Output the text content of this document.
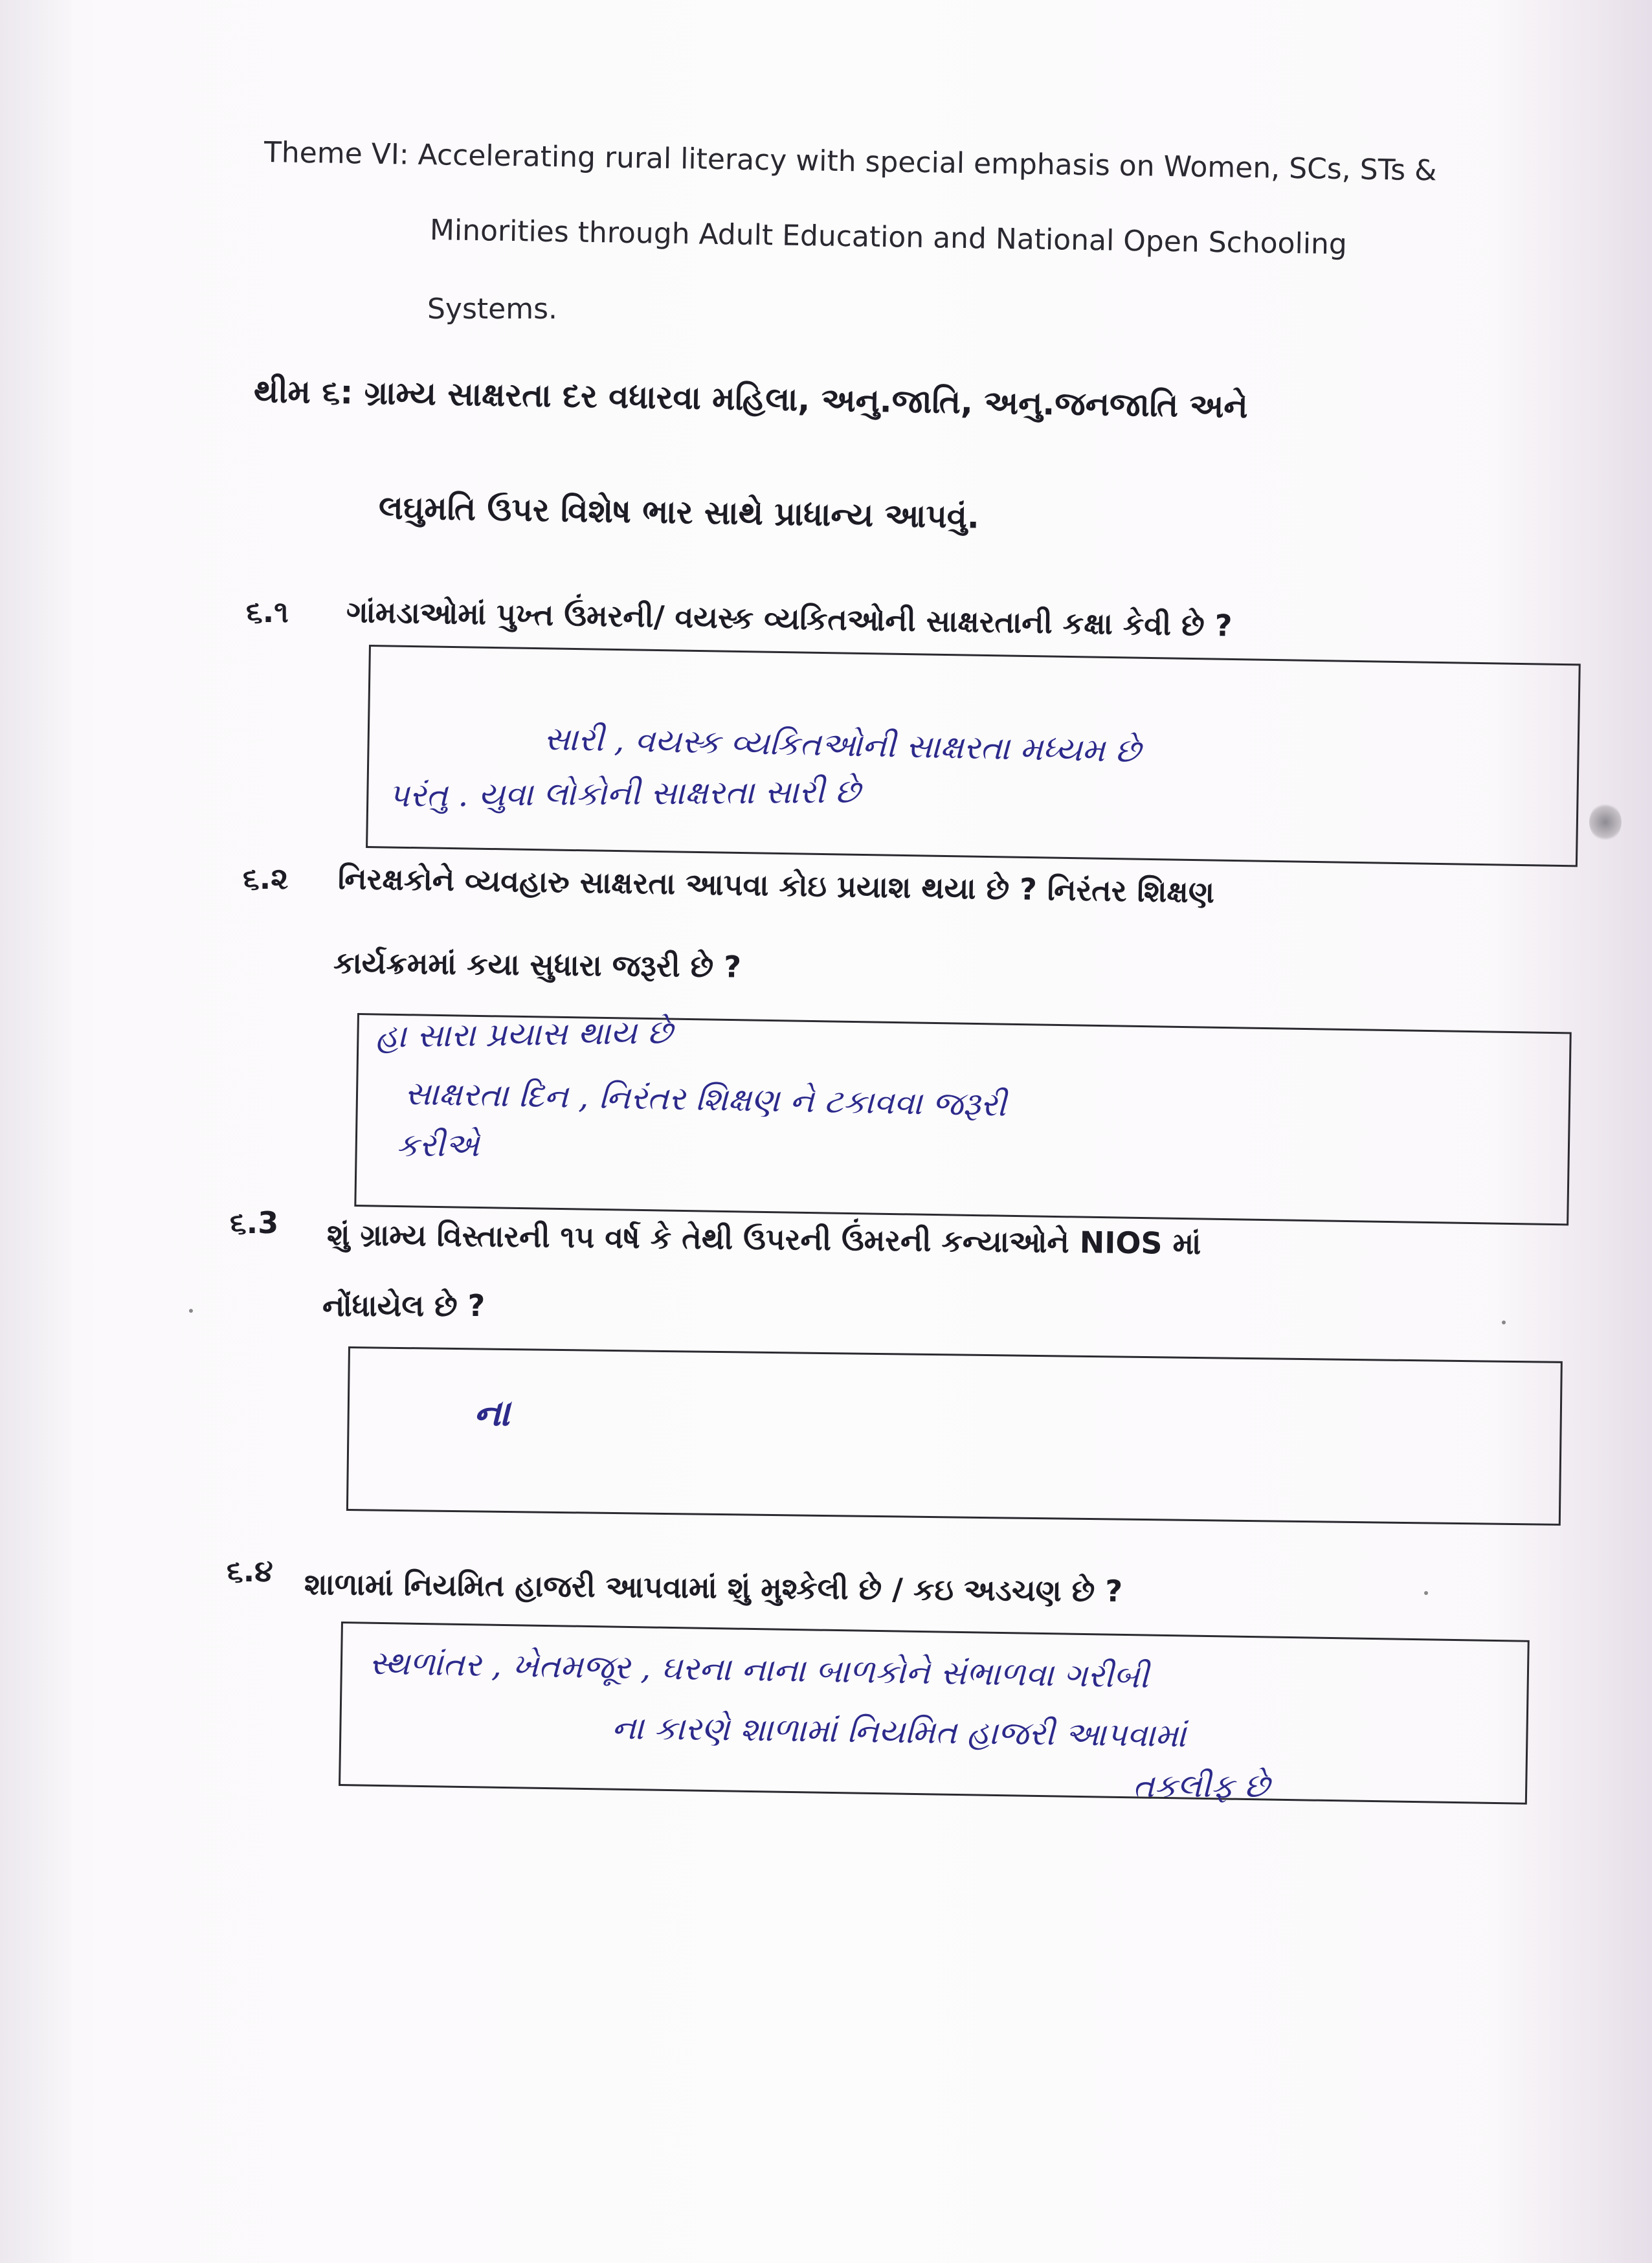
Theme VI: Accelerating rural literacy with special emphasis on Women, SCs, STs &
Minorities through Adult Education and National Open Schooling
Systems.
થીમ ૬: ગ્રામ્ય સાક્ષરતા દર વધારવા મહિલા, અનુ.જાતિ, અનુ.જનજાતિ અને
લઘુમતિ ઉપર વિશેષ ભાર સાથે પ્રાધાન્ય આપવું.
૬.૧ ગાંમડાઓમાં પુખ્ત ઉંમરની/ વયસ્ક વ્યકિતઓની સાક્ષરતાની કક્ષા કેવી છે ?
સારી , વયસ્ક વ્યકિતઓની સાક્ષરતા મધ્યમ છે
પરંતુ . યુવા લોકોની સાક્ષરતા સારી છે
૬.૨ નિરક્ષકોને વ્યવહારુ સાક્ષરતા આપવા કોઇ પ્રયાશ થયા છે ? નિરંતર શિક્ષણ
કાર્યક્રમમાં કયા સુધારા જરૂરી છે ?
હા સારા પ્રયાસ થાય છે
સાક્ષરતા દિન , નિરંતર શિક્ષણ ને ટકાવવા જરૂરી
કરીએ
૬.3 શું ગ્રામ્ય વિસ્તારની ૧૫ વર્ષ કે તેથી ઉપરની ઉંમરની કન્યાઓને NIOS માં
નોંધાયેલ છે ?
ના
૬.૪ શાળામાં નિયમિત હાજરી આપવામાં શું મુશ્કેલી છે / કઇ અડચણ છે ?
સ્થળાંતર , ખેતમજૂર , ઘરના નાના બાળકોને સંભાળવા ગરીબી
ના કારણે શાળામાં નિયમિત હાજરી આપવામાં
તકલીફ છે
